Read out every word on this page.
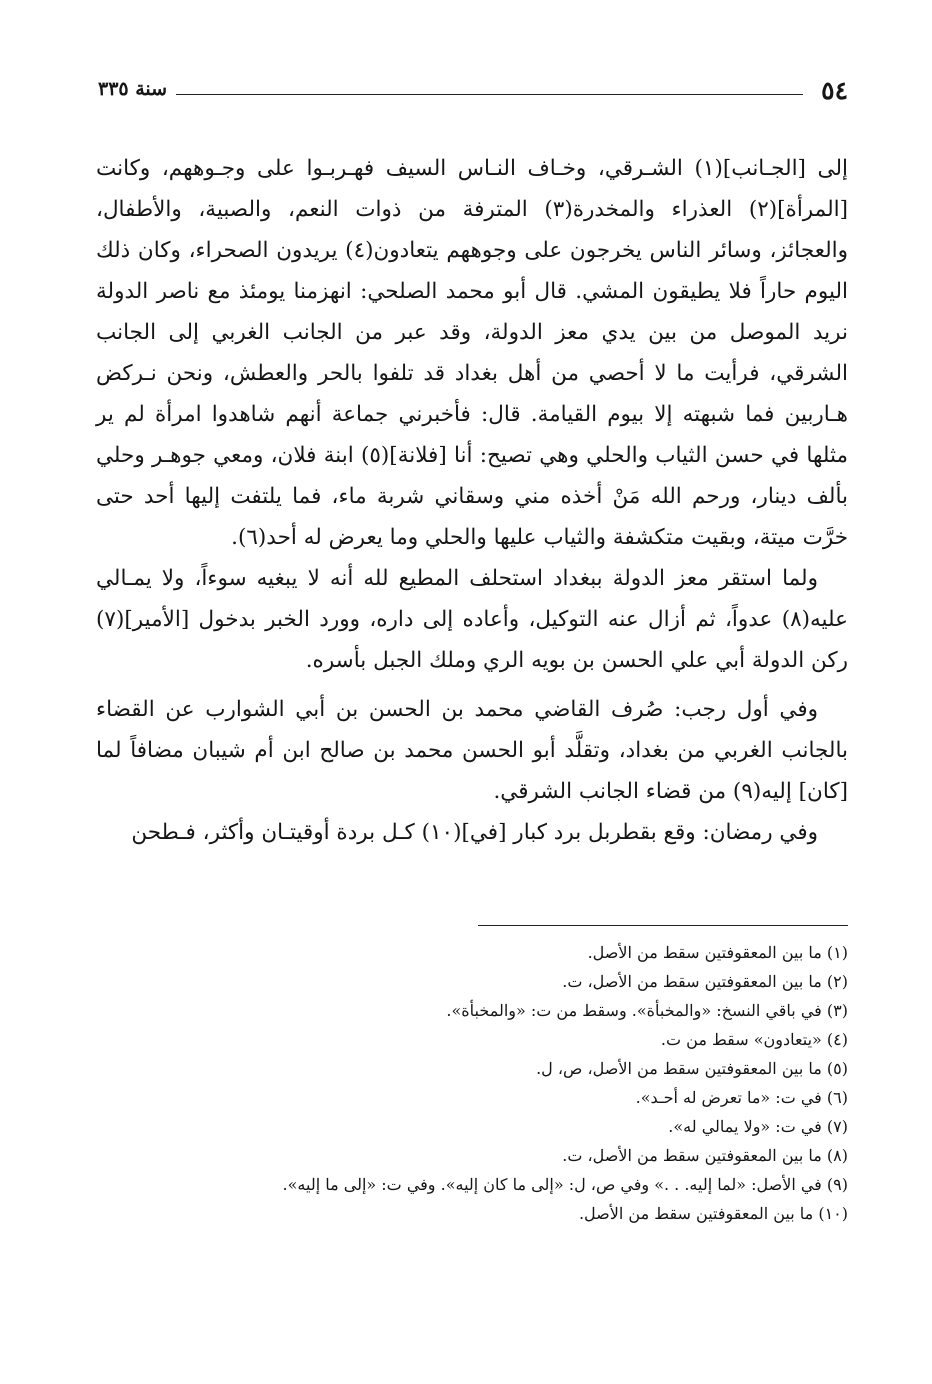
٥٤
سنة ٣٣٥

إلى [الجـانب](١) الشـرقي، وخـاف النـاس السيف فهـربـوا على وجـوههم، وكانت [المرأة](٢) العذراء والمخدرة(٣) المترفة من ذوات النعم، والصبية، والأطفال، والعجائز، وسائر الناس يخرجون على وجوههم يتعادون(٤) يريدون الصحراء، وكان ذلك اليوم حاراً فلا يطيقون المشي. قال أبو محمد الصلحي: انهزمنا يومئذ مع ناصر الدولة نريد الموصل من بين يدي معز الدولة، وقد عبر من الجانب الغربي إلى الجانب الشرقي، فرأيت ما لا أحصي من أهل بغداد قد تلفوا بالحر والعطش، ونحن نـركض هـاربين فما شبهته إلا بيوم القيامة. قال: فأخبرني جماعة أنهم شاهدوا امرأة لم ير مثلها في حسن الثياب والحلي وهي تصيح: أنا [فلانة](٥) ابنة فلان، ومعي جوهـر وحلي بألف دينار، ورحم الله مَنْ أخذه مني وسقاني شربة ماء، فما يلتفت إليها أحد حتى خرَّت ميتة، وبقيت متكشفة والثياب عليها والحلي وما يعرض له أحد(٦).

ولما استقر معز الدولة ببغداد استحلف المطيع لله أنه لا يبغيه سوءاً، ولا يمـالي عليه(٨) عدواً، ثم أزال عنه التوكيل، وأعاده إلى داره، وورد الخبر بدخول [الأمير](٧) ركن الدولة أبي علي الحسن بن بويه الري وملك الجبل بأسره.

وفي أول رجب: صُرف القاضي محمد بن الحسن بن أبي الشوارب عن القضاء بالجانب الغربي من بغداد، وتقلَّد أبو الحسن محمد بن صالح ابن أم شيبان مضافاً لما [كان] إليه(٩) من قضاء الجانب الشرقي.

وفي رمضان: وقع بقطربل برد كبار [في](١٠) كـل بردة أوقيتـان وأكثر، فـطحن

(١) ما بين المعقوفتين سقط من الأصل.
(٢) ما بين المعقوفتين سقط من الأصل، ت.
(٣) في باقي النسخ: «والمخبأة». وسقط من ت: «والمخبأة».
(٤) «يتعادون» سقط من ت.
(٥) ما بين المعقوفتين سقط من الأصل، ص، ل.
(٦) في ت: «ما تعرض له أحـد».
(٧) في ت: «ولا يمالي له».
(٨) ما بين المعقوفتين سقط من الأصل، ت.
(٩) في الأصل: «لما إليه. . .» وفي ص، ل: «إلى ما كان إليه». وفي ت: «إلى ما إليه».
(١٠) ما بين المعقوفتين سقط من الأصل.
